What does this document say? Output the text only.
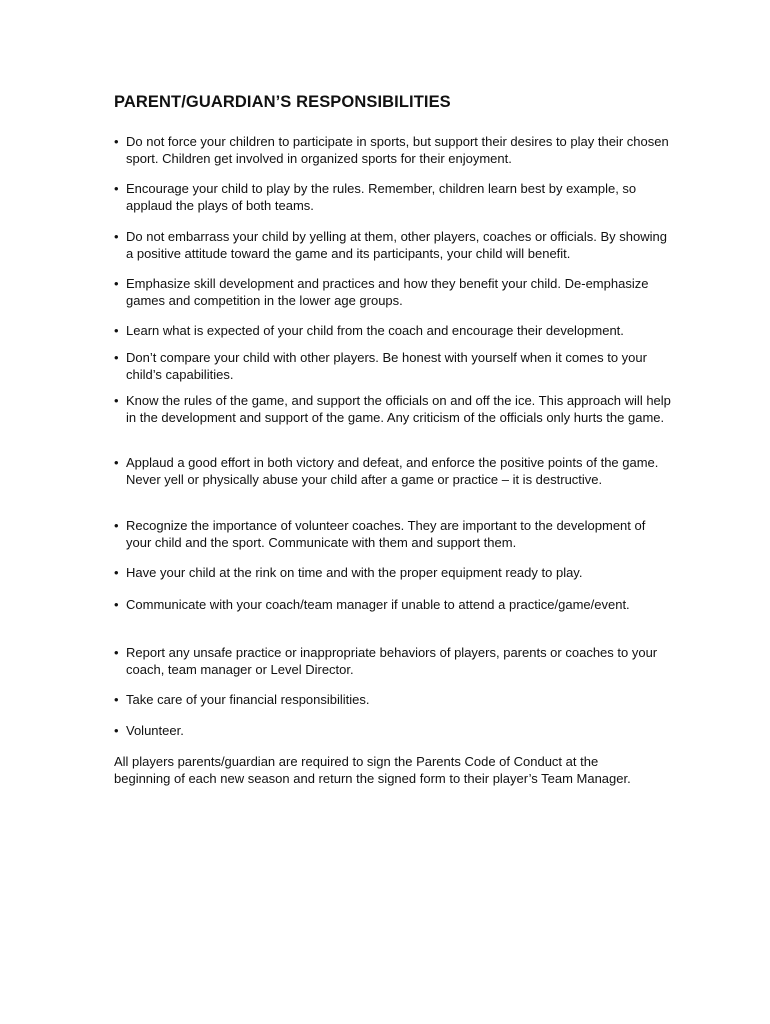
PARENT/GUARDIAN’S RESPONSIBILITIES
• Do not force your children to participate in sports, but support their desires to play their chosen sport. Children get involved in organized sports for their enjoyment.
• Encourage your child to play by the rules. Remember, children learn best by example, so applaud the plays of both teams.
• Do not embarrass your child by yelling at them, other players, coaches or officials. By showing a positive attitude toward the game and its participants, your child will benefit.
• Emphasize skill development and practices and how they benefit your child. De-emphasize games and competition in the lower age groups.
• Learn what is expected of your child from the coach and encourage their development.
• Don’t compare your child with other players. Be honest with yourself when it comes to your child’s capabilities.
• Know the rules of the game, and support the officials on and off the ice. This approach will help in the development and support of the game. Any criticism of the officials only hurts the game.
• Applaud a good effort in both victory and defeat, and enforce the positive points of the game. Never yell or physically abuse your child after a game or practice – it is destructive.
• Recognize the importance of volunteer coaches. They are important to the development of your child and the sport. Communicate with them and support them.
• Have your child at the rink on time and with the proper equipment ready to play.
• Communicate with your coach/team manager if unable to attend a practice/game/event.
• Report any unsafe practice or inappropriate behaviors of players, parents or coaches to your coach, team manager or Level Director.
• Take care of your financial responsibilities.
• Volunteer.

All players parents/guardian are required to sign the Parents Code of Conduct at the beginning of each new season and return the signed form to their player’s Team Manager.
